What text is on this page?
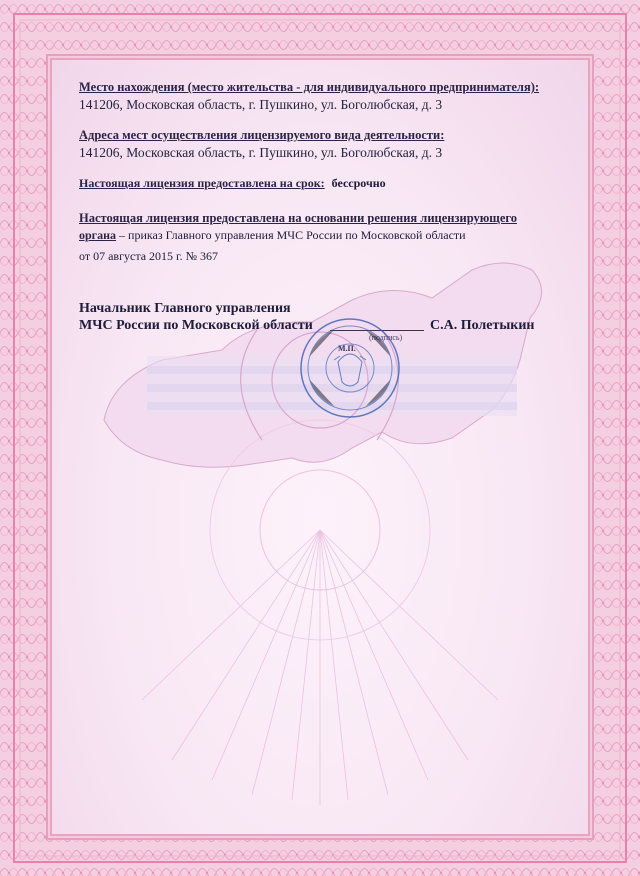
Место нахождения (место жительства - для индивидуального предпринимателя):
141206, Московская область, г. Пушкино, ул. Боголюбская, д. 3
Адреса мест осуществления лицензируемого вида деятельности:
141206, Московская область, г. Пушкино, ул. Боголюбская, д. 3
Настоящая лицензия предоставлена на срок: бессрочно
Настоящая лицензия предоставлена на основании решения лицензирующего
органа – приказ Главного управления МЧС России по Московской области
от 07 августа 2015 г. № 367
Начальник Главного управления
МЧС России по Московской области
(подпись)
С.А. Полетыкин
М.П.
